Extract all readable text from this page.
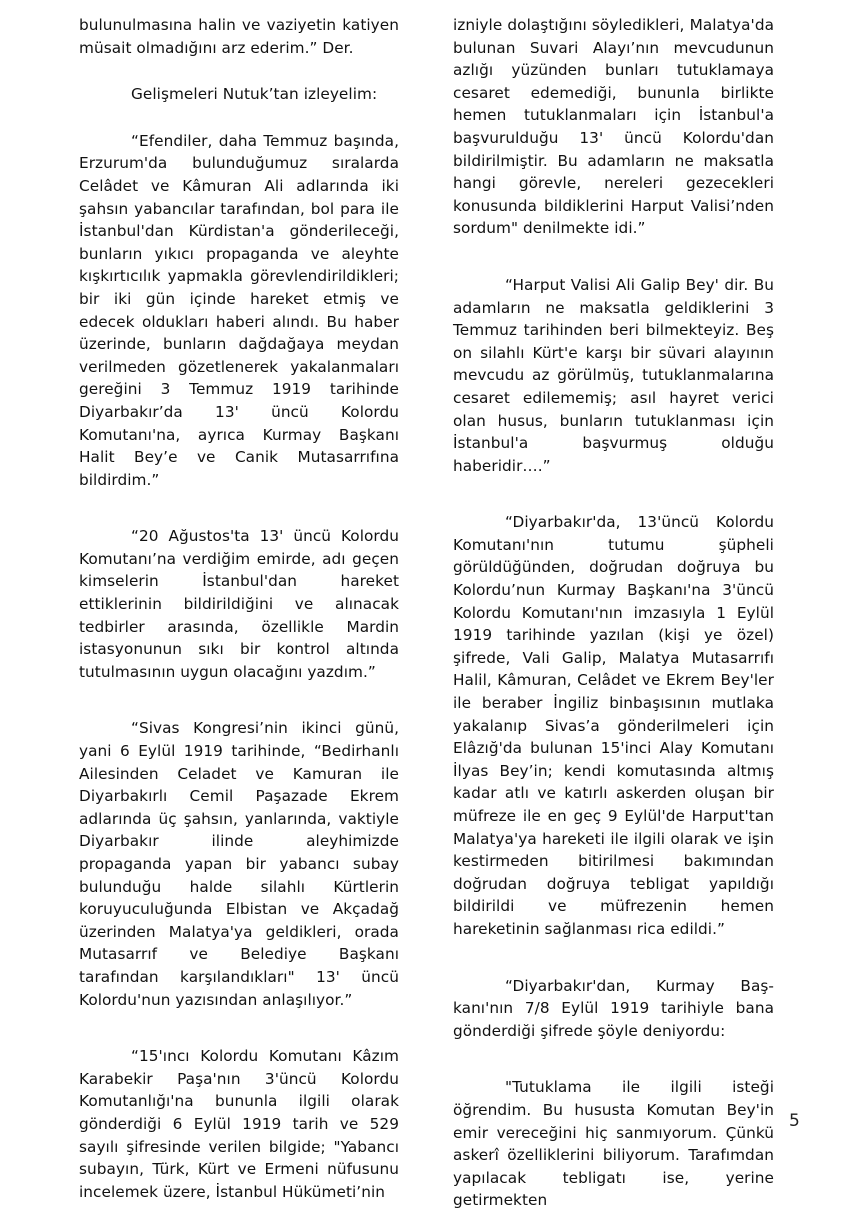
bulunulmasına halin ve vaziyetin katiyen müsait olmadığını arz ederim.” Der.

Gelişmeleri Nutuk’tan izleyelim:

“Efendiler, daha Temmuz başında, Erzurum'da bulunduğumuz sıralarda Celâdet ve Kâmuran Ali adlarında iki şahsın yabancılar tarafından, bol para ile İstanbul'dan Kürdistan'a gönderileceği, bunların yıkıcı propaganda ve aleyhte kışkırtıcılık yapmakla görevlendirildikleri; bir iki gün içinde hareket etmiş ve edecek oldukları haberi alındı. Bu haber üzerinde, bunların dağdağaya meydan verilmeden gözetlenerek yakalanmaları gereğini 3 Temmuz 1919 tarihinde Diyarbakır’da 13' üncü Kolordu Komutanı'na, ayrıca Kurmay Başkanı Halit Bey’e ve Canik Mutasarrıfına bildirdim.”

“20 Ağustos'ta 13' üncü Kolordu Komutanı’na verdiğim emirde, adı geçen kimselerin İstanbul'dan hareket ettiklerinin bildirildiğini ve alınacak tedbirler arasında, özellikle Mardin istasyonunun sıkı bir kontrol altında tutulmasının uygun olacağını yazdım.”

“Sivas Kongresi’nin ikinci günü, yani 6 Eylül 1919 tarihinde, “Bedirhanlı Ailesinden Celadet ve Kamuran ile Diyarbakırlı Cemil Paşazade Ekrem adlarında üç şahsın, yanlarında, vaktiyle Diyarbakır ilinde aleyhimizde propaganda yapan bir yabancı subay bulunduğu halde silahlı Kürtlerin koruyuculuğunda Elbistan ve Akçadağ üzerinden Malatya'ya geldikleri, orada Mutasarrıf ve Belediye Başkanı tarafından karşılandıkları" 13' üncü Kolordu'nun yazısından anlaşılıyor.”

“15'ıncı Kolordu Komutanı Kâzım Karabekir Paşa'nın 3'üncü Kolordu Komutanlığı'na bununla ilgili olarak gönderdiği 6 Eylül 1919 tarih ve 529 sayılı şifresinde verilen bilgide; "Yabancı subayın, Türk, Kürt ve Ermeni nüfusunu incelemek üzere, İstanbul Hükümeti’nin

izniyle dolaştığını söyledikleri, Malatya'da bulunan Suvari Alayı’nın mevcudunun azlığı yüzünden bunları tutuklamaya cesaret edemediği, bununla birlikte hemen tutuklanmaları için İstanbul'a başvurulduğu 13' üncü Kolordu'dan bildirilmiştir. Bu adamların ne maksatla hangi görevle, nereleri gezecekleri konusunda bildiklerini Harput Valisi’nden sordum" denilmekte idi.”

“Harput Valisi Ali Galip Bey' dir. Bu adamların ne maksatla geldiklerini 3 Temmuz tarihinden beri bilmekteyiz. Beş on silahlı Kürt'e karşı bir süvari alayının mevcudu az görülmüş, tutuklanmalarına cesaret edilememiş; asıl hayret verici olan husus, bunların tutuklanması için İstanbul'a başvurmuş olduğu haberidir….”

“Diyarbakır'da, 13'üncü Kolordu Komutanı'nın tutumu şüpheli görüldüğünden, doğrudan doğruya bu Kolordu’nun Kurmay Başkanı'na 3'üncü Kolordu Komutanı'nın imzasıyla 1 Eylül 1919 tarihinde yazılan (kişi ye özel) şifrede, Vali Galip, Malatya Mutasarrıfı Halil, Kâmuran, Celâdet ve Ekrem Bey'ler ile beraber İngiliz binbaşısının mutlaka yakalanıp Sivas’a gönderilmeleri için Elâzığ'da bulunan 15'inci Alay Komutanı İlyas Bey’in; kendi komutasında altmış kadar atlı ve katırlı askerden oluşan bir müfreze ile en geç 9 Eylül'de Harput'tan Malatya'ya hareketi ile ilgili olarak ve işin kestirmeden bitirilmesi bakımından doğrudan doğruya tebligat yapıldığı bildirildi ve müfrezenin hemen hareketinin sağlanması rica edildi.”

“Diyarbakır'dan, Kurmay Baş-kanı'nın 7/8 Eylül 1919 tarihiyle bana gönderdiği şifrede şöyle deniyordu:

"Tutuklama ile ilgili isteği öğrendim. Bu hususta Komutan Bey'in emir vereceğini hiç sanmıyorum. Çünkü askerî özelliklerini biliyorum. Tarafımdan yapılacak tebligatı ise, yerine getirmekten

5
